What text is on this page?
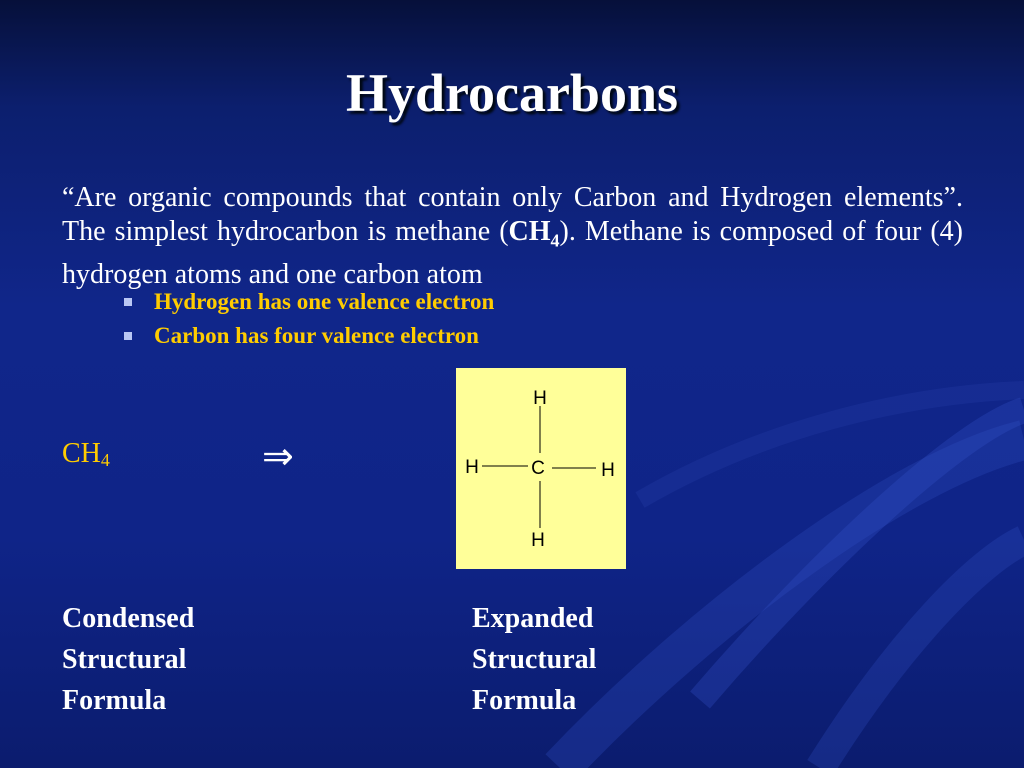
Hydrocarbons
“Are organic compounds that contain only Carbon and Hydrogen elements”. The simplest hydrocarbon is methane $(CH_4)$. Methane is composed of four (4) hydrogen atoms and one carbon atom
Hydrogen has one valence electron
Carbon has four valence electron
$CH_4$	⇒
H
H	C	H
H
Condensed
Structural
Formula
Expanded
Structural
Formula
